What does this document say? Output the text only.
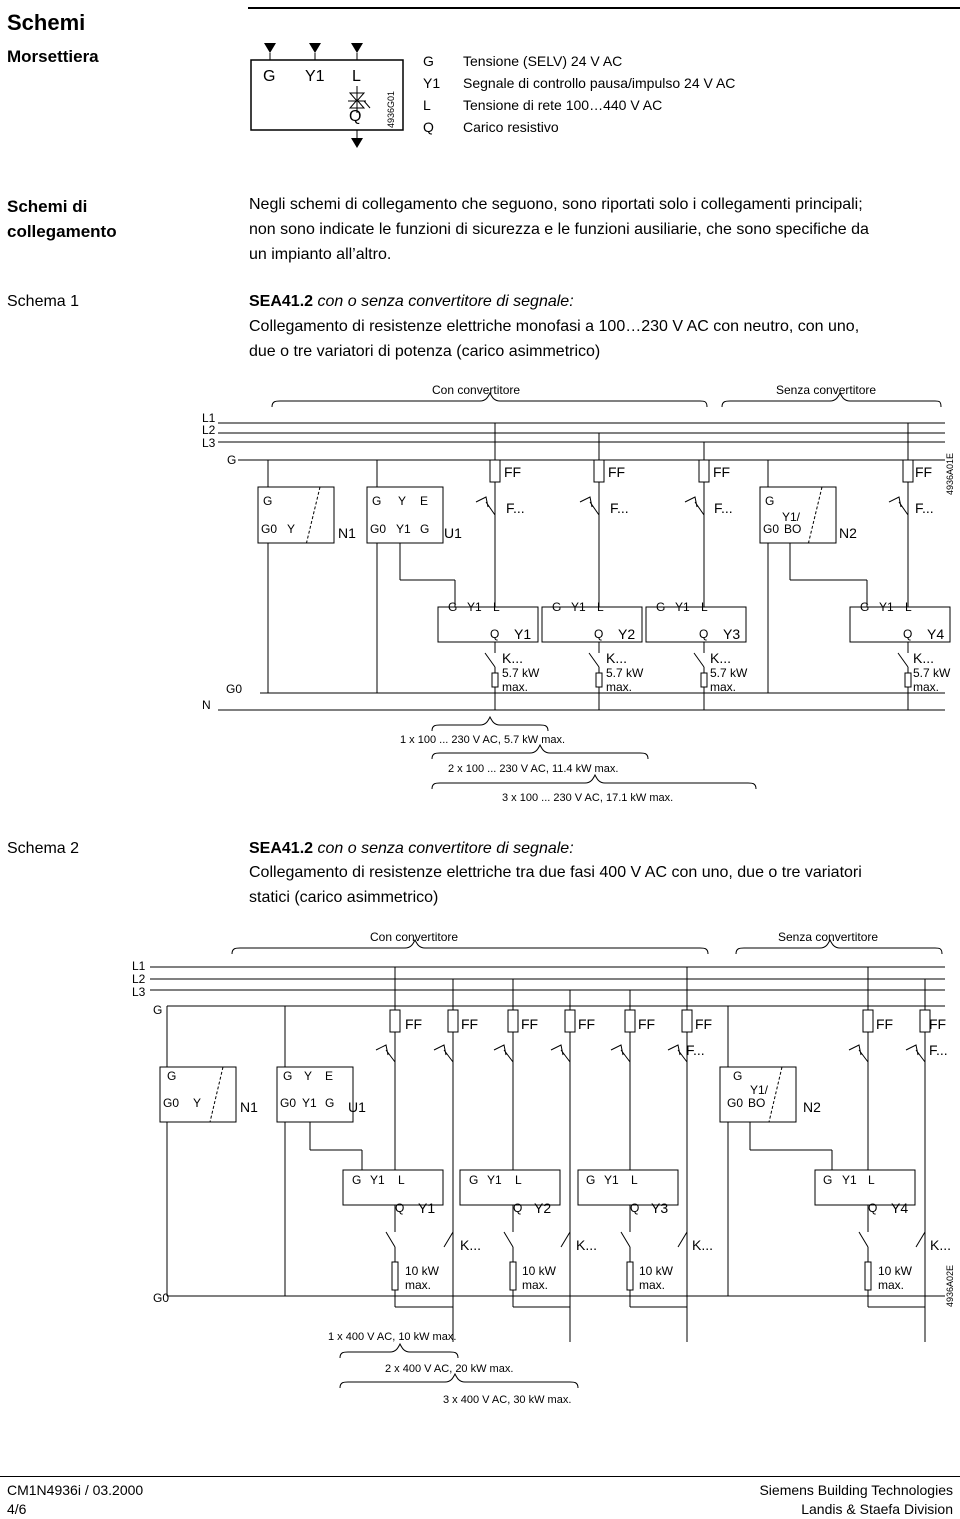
Schemi
Morsettiera
G Y1 L
Q	4936G01
G Tensione (SELV) 24 V AC
Y1 Segnale di controllo pausa/impulso 24 V AC
L Tensione di rete 100…440 V AC
Q Carico resistivo
Schemi di
collegamento
Negli schemi di collegamento che seguono, sono riportati solo i collegamenti principali;
non sono indicate le funzioni di sicurezza e le funzioni ausiliarie, che sono specifiche da
un impianto all’altro.
Schema 1	SEA41.2 con o senza convertitore di segnale:
Collegamento di resistenze elettriche monofasi a 100…230 V AC con neutro, con uno,
due o tre variatori di potenza (carico asimmetrico)
Con convertitore	Senza convertitore
L1
L2
L3
G
N
G0
G
G0 Y	N1
G Y E
G0 Y1 G U1
G
Y1/
G0 BO	N2
FF	FF	FF	FF
F...	F...	F...	F...
G Y1 L	G Y1 L	G Y1 L	G Y1 L
Q	Q	Q	Q
Y1	Y2	Y3	Y4
K...	K...	K...	K...
5.7 kW	5.7 kW	5.7 kW	5.7 kW
max.	max.	max.	max.
1 x 100 ... 230 V AC, 5.7 kW max.
2 x 100 ... 230 V AC, 11.4 kW max.
3 x 100 ... 230 V AC, 17.1 kW max.
4936A01E
Schema 2	SEA41.2 con o senza convertitore di segnale:
Collegamento di resistenze elettriche tra due fasi 400 V AC con uno, due o tre variatori
statici (carico asimmetrico)
Con convertitore	Senza convertitore
L1
L2
L3
G
G0
G
G0 Y	N1
G Y E
G0 Y1 G U1
G
Y1/
G0 BO	N2
FF	FF	FF	FF	FF	FF	FF	FF
F...	F...
G Y1 L	G Y1 L	G Y1 L	G Y1 L
Q	Q	Q	Q
Y1	Y2	Y3	Y4
K...	K...	K...	K...
10 kW	10 kW	10 kW	10 kW
max.	max.	max.	max.
1 x 400 V AC, 10 kW max.
2 x 400 V AC, 20 kW max.
3 x 400 V AC, 30 kW max.
4936A02E
CM1N4936i / 03.2000
4/6
Siemens Building Technologies
Landis & Staefa Division
